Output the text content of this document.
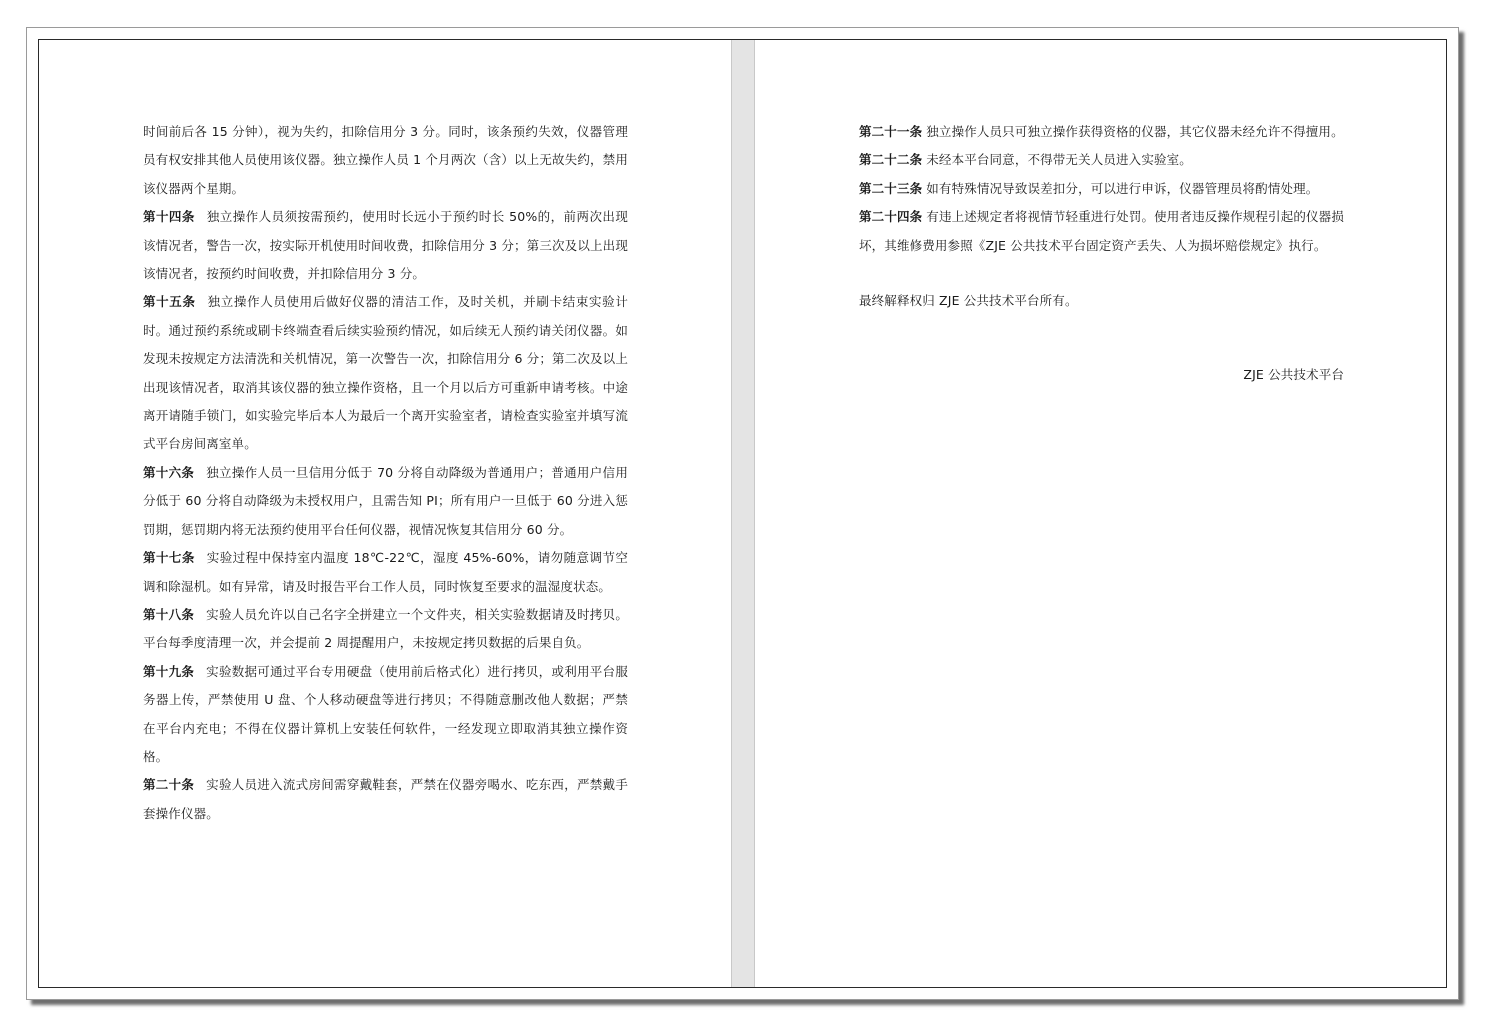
时间前后各 15 分钟），视为失约，扣除信用分 3 分。同时，该条预约失效，仪器管理员有权安排其他人员使用该仪器。独立操作人员 1 个月两次（含）以上无故失约，禁用该仪器两个星期。

第十四条 独立操作人员须按需预约，使用时长远小于预约时长 50%的，前两次出现该情况者，警告一次，按实际开机使用时间收费，扣除信用分 3 分；第三次及以上出现该情况者，按预约时间收费，并扣除信用分 3 分。

第十五条 独立操作人员使用后做好仪器的清洁工作，及时关机，并刷卡结束实验计时。通过预约系统或刷卡终端查看后续实验预约情况，如后续无人预约请关闭仪器。如发现未按规定方法清洗和关机情况，第一次警告一次，扣除信用分 6 分；第二次及以上出现该情况者，取消其该仪器的独立操作资格，且一个月以后方可重新申请考核。中途离开请随手锁门，如实验完毕后本人为最后一个离开实验室者，请检查实验室并填写流式平台房间离室单。

第十六条 独立操作人员一旦信用分低于 70 分将自动降级为普通用户；普通用户信用分低于 60 分将自动降级为未授权用户，且需告知 PI；所有用户一旦低于 60 分进入惩罚期，惩罚期内将无法预约使用平台任何仪器，视情况恢复其信用分 60 分。

第十七条 实验过程中保持室内温度 18℃-22℃，湿度 45%-60%，请勿随意调节空调和除湿机。如有异常，请及时报告平台工作人员，同时恢复至要求的温湿度状态。

第十八条 实验人员允许以自己名字全拼建立一个文件夹，相关实验数据请及时拷贝。平台每季度清理一次，并会提前 2 周提醒用户，未按规定拷贝数据的后果自负。

第十九条 实验数据可通过平台专用硬盘（使用前后格式化）进行拷贝，或利用平台服务器上传，严禁使用 U 盘、个人移动硬盘等进行拷贝；不得随意删改他人数据；严禁在平台内充电；不得在仪器计算机上安装任何软件，一经发现立即取消其独立操作资格。

第二十条 实验人员进入流式房间需穿戴鞋套，严禁在仪器旁喝水、吃东西，严禁戴手套操作仪器。

第二十一条 独立操作人员只可独立操作获得资格的仪器，其它仪器未经允许不得擅用。

第二十二条 未经本平台同意，不得带无关人员进入实验室。

第二十三条 如有特殊情况导致误差扣分，可以进行申诉，仪器管理员将酌情处理。

第二十四条 有违上述规定者将视情节轻重进行处罚。使用者违反操作规程引起的仪器损坏，其维修费用参照《ZJE 公共技术平台固定资产丢失、人为损坏赔偿规定》执行。

最终解释权归 ZJE 公共技术平台所有。

ZJE 公共技术平台
